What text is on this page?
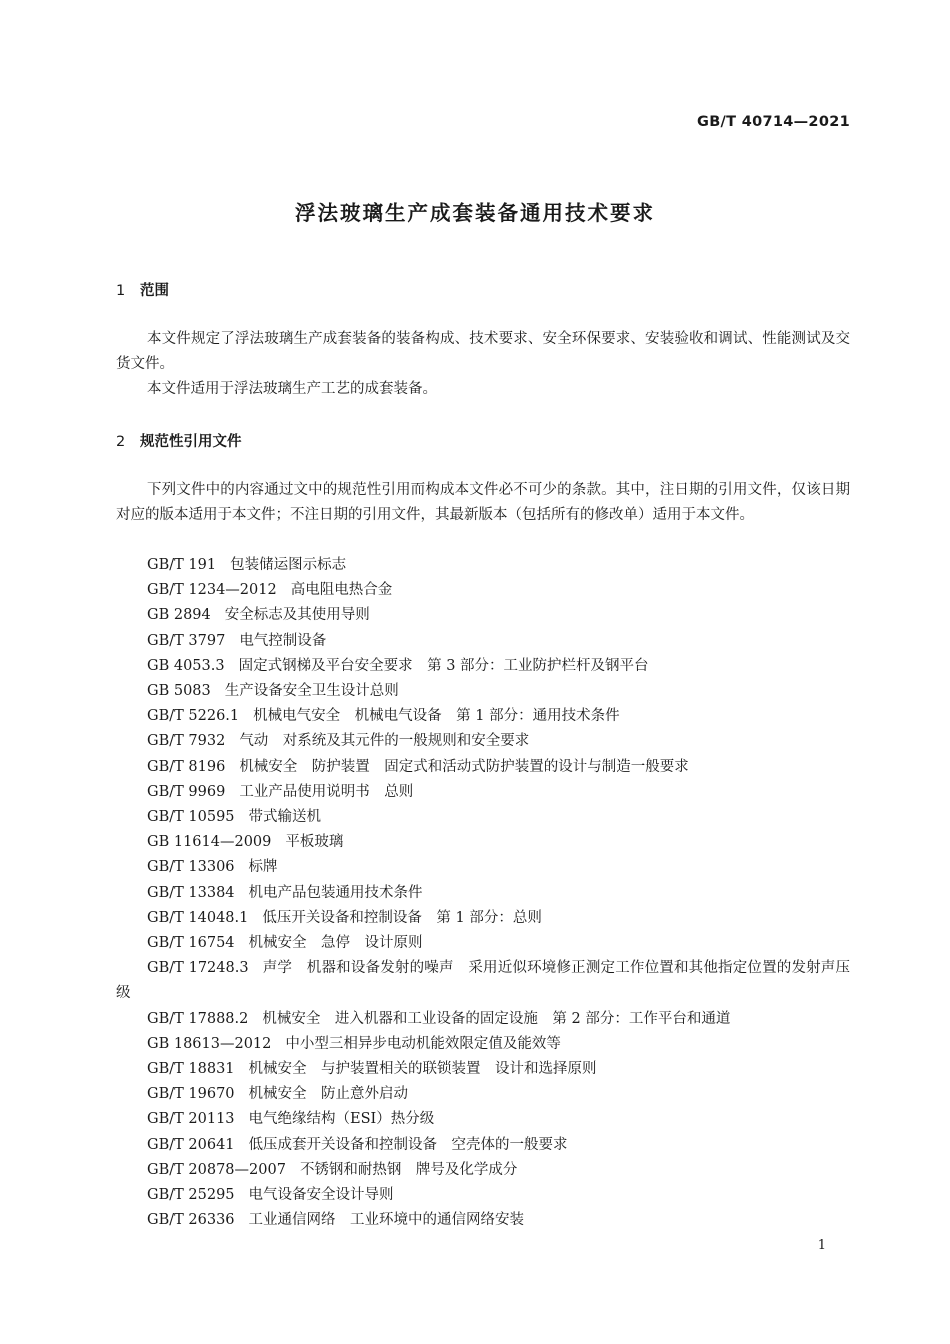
GB/T 40714—2021
浮法玻璃生产成套装备通用技术要求
1 范围
本文件规定了浮法玻璃生产成套装备的装备构成、技术要求、安全环保要求、安装验收和调试、性能测试及交货文件。
本文件适用于浮法玻璃生产工艺的成套装备。
2 规范性引用文件
下列文件中的内容通过文中的规范性引用而构成本文件必不可少的条款。其中，注日期的引用文件，仅该日期对应的版本适用于本文件；不注日期的引用文件，其最新版本（包括所有的修改单）适用于本文件。
GB/T 191 包装储运图示标志
GB/T 1234—2012 高电阻电热合金
GB 2894 安全标志及其使用导则
GB/T 3797 电气控制设备
GB 4053.3 固定式钢梯及平台安全要求　第 3 部分：工业防护栏杆及钢平台
GB 5083 生产设备安全卫生设计总则
GB/T 5226.1 机械电气安全　机械电气设备　第 1 部分：通用技术条件
GB/T 7932 气动　对系统及其元件的一般规则和安全要求
GB/T 8196 机械安全　防护装置　固定式和活动式防护装置的设计与制造一般要求
GB/T 9969 工业产品使用说明书　总则
GB/T 10595 带式输送机
GB 11614—2009 平板玻璃
GB/T 13306 标牌
GB/T 13384 机电产品包装通用技术条件
GB/T 14048.1 低压开关设备和控制设备　第 1 部分：总则
GB/T 16754 机械安全　急停　设计原则
GB/T 17248.3 声学　机器和设备发射的噪声　采用近似环境修正测定工作位置和其他指定位置的发射声压级
GB/T 17888.2 机械安全　进入机器和工业设备的固定设施　第 2 部分：工作平台和通道
GB 18613—2012 中小型三相异步电动机能效限定值及能效等
GB/T 18831 机械安全　与护装置相关的联锁装置　设计和选择原则
GB/T 19670 机械安全　防止意外启动
GB/T 20113 电气绝缘结构（ESI）热分级
GB/T 20641 低压成套开关设备和控制设备　空壳体的一般要求
GB/T 20878—2007 不锈钢和耐热钢　牌号及化学成分
GB/T 25295 电气设备安全设计导则
GB/T 26336 工业通信网络　工业环境中的通信网络安装
1
